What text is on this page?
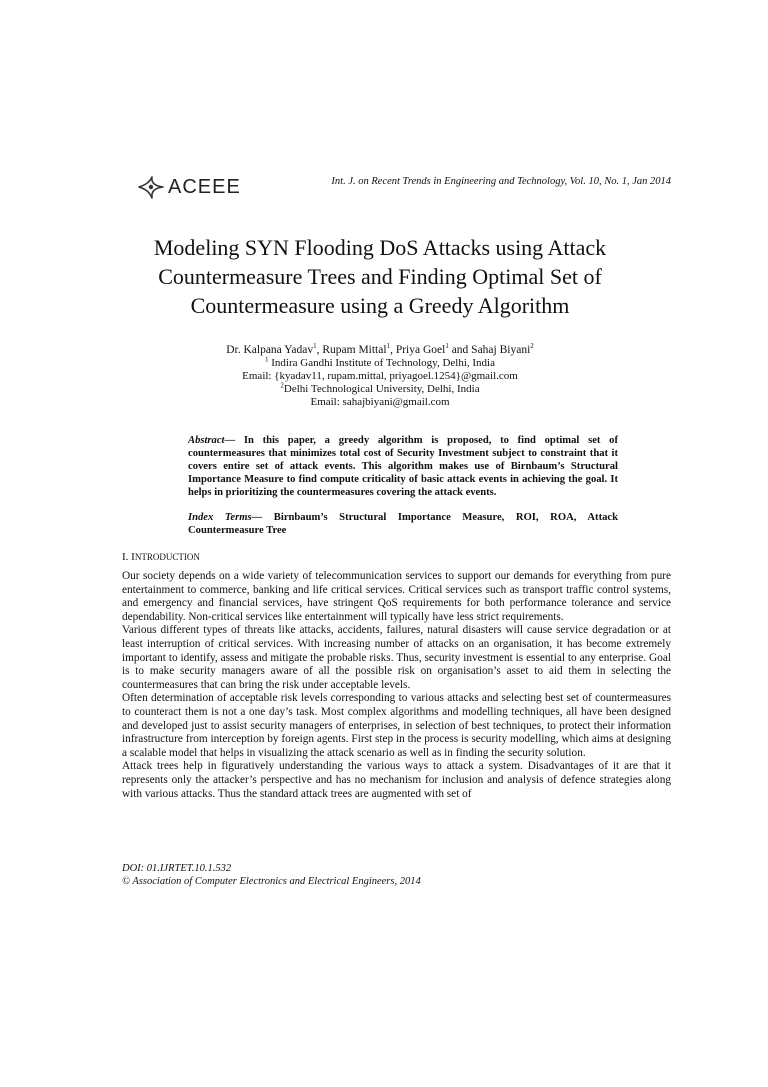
ACEEE	Int. J. on Recent Trends in Engineering and Technology, Vol. 10, No. 1, Jan 2014
Modeling SYN Flooding DoS Attacks using Attack
Countermeasure Trees and Finding Optimal Set of
Countermeasure using a Greedy Algorithm
Dr. Kalpana Yadav$^1$, Rupam Mittal$^1$, Priya Goel$^1$ and Sahaj Biyani$^2$
$^1$ Indira Gandhi Institute of Technology, Delhi, India
Email: {kyadav11, rupam.mittal, priyagoel.1254}@gmail.com
$^2$Delhi Technological University, Delhi, India
Email: sahajbiyani@gmail.com

Abstract— In this paper, a greedy algorithm is proposed, to find optimal set of countermeasures that minimizes total cost of Security Investment subject to constraint that it covers entire set of attack events. This algorithm makes use of Birnbaum’s Structural Importance Measure to find compute criticality of basic attack events in achieving the goal. It helps in prioritizing the countermeasures covering the attack events.

Index Terms— Birnbaum’s Structural Importance Measure, ROI, ROA, Attack Countermeasure Tree

I. INTRODUCTION

Our society depends on a wide variety of telecommunication services to support our demands for everything from pure entertainment to commerce, banking and life critical services. Critical services such as transport traffic control systems, and emergency and financial services, have stringent QoS requirements for both performance tolerance and service dependability. Non-critical services like entertainment will typically have less strict requirements.

Various different types of threats like attacks, accidents, failures, natural disasters will cause service degradation or at least interruption of critical services. With increasing number of attacks on an organisation, it has become extremely important to identify, assess and mitigate the probable risks. Thus, security investment is essential to any enterprise. Goal is to make security managers aware of all the possible risk on organisation’s asset to aid them in selecting the countermeasures that can bring the risk under acceptable levels.

Often determination of acceptable risk levels corresponding to various attacks and selecting best set of countermeasures to counteract them is not a one day’s task. Most complex algorithms and modelling techniques, all have been designed and developed just to assist security managers of enterprises, in selection of best techniques, to protect their information infrastructure from interception by foreign agents. First step in the process is security modelling, which aims at designing a scalable model that helps in visualizing the attack scenario as well as in finding the security solution.

Attack trees help in figuratively understanding the various ways to attack a system. Disadvantages of it are that it represents only the attacker’s perspective and has no mechanism for inclusion and analysis of defence strategies along with various attacks. Thus the standard attack trees are augmented with set of

DOI: 01.IJRTET.10.1.532
© Association of Computer Electronics and Electrical Engineers, 2014
